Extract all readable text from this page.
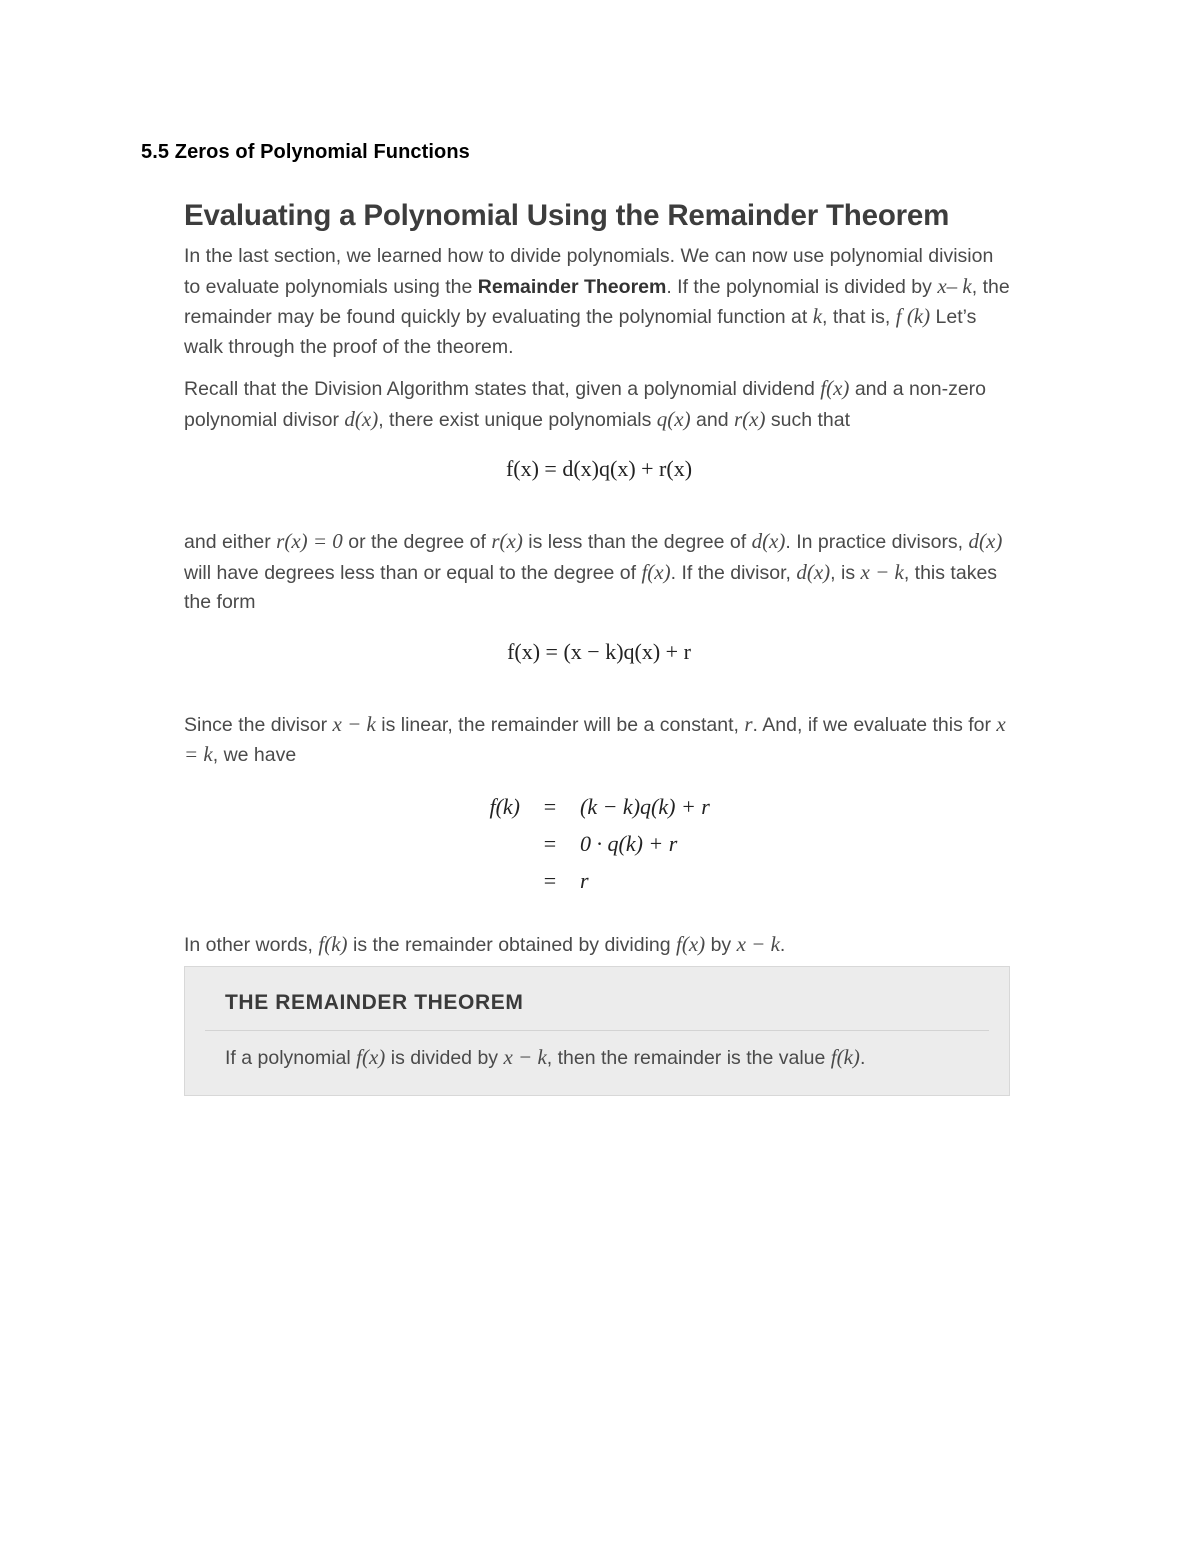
5.5 Zeros of Polynomial Functions
Evaluating a Polynomial Using the Remainder Theorem

In the last section, we learned how to divide polynomials. We can now use polynomial division to evaluate polynomials using the Remainder Theorem. If the polynomial is divided by x– k, the remainder may be found quickly by evaluating the polynomial function at k, that is, f (k) Let’s walk through the proof of the theorem.

Recall that the Division Algorithm states that, given a polynomial dividend f(x) and a non-zero polynomial divisor d(x), there exist unique polynomials q(x) and r(x) such that

f(x) = d(x)q(x) + r(x)

and either r(x) = 0 or the degree of r(x) is less than the degree of d(x). In practice divisors, d(x) will have degrees less than or equal to the degree of f(x). If the divisor, d(x), is x − k, this takes the form

f(x) = (x − k)q(x) + r

Since the divisor x − k is linear, the remainder will be a constant, r. And, if we evaluate this for x = k, we have

f(k)	=	(k − k)q(k) + r
	=	0 · q(k) + r
	=	r

In other words, f(k) is the remainder obtained by dividing f(x) by x − k.

THE REMAINDER THEOREM
If a polynomial f(x) is divided by x − k, then the remainder is the value f(k).
